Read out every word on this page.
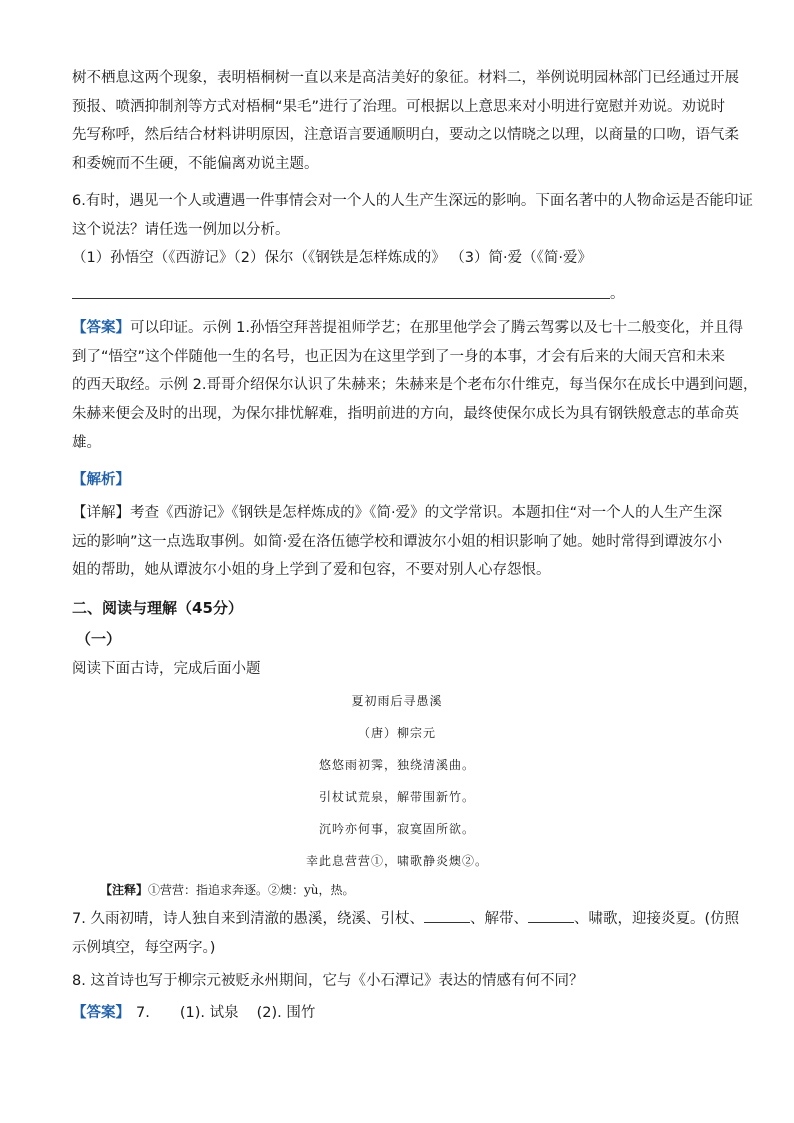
树不栖息这两个现象，表明梧桐树一直以来是高洁美好的象征。材料二，举例说明园林部门已经通过开展
预报、喷洒抑制剂等方式对梧桐“果毛”进行了治理。可根据以上意思来对小明进行宽慰并劝说。劝说时
先写称呼，然后结合材料讲明原因，注意语言要通顺明白，要动之以情晓之以理，以商量的口吻，语气柔
和委婉而不生硬，不能偏离劝说主题。
6.有时，遇见一个人或遭遇一件事情会对一个人的人生产生深远的影响。下面名著中的人物命运是否能印证
这个说法？请任选一例加以分析。
（1）孙悟空（《西游记》（2）保尔（《钢铁是怎样炼成的》 （3）简·爱（《简·爱》
。
【答案】可以印证。示例 1.孙悟空拜菩提祖师学艺；在那里他学会了腾云驾雾以及七十二般变化，并且得
到了“悟空”这个伴随他一生的名号，也正因为在这里学到了一身的本事，才会有后来的大闹天宫和未来
的西天取经。示例 2.哥哥介绍保尔认识了朱赫来；朱赫来是个老布尔什维克，每当保尔在成长中遇到问题，
朱赫来便会及时的出现，为保尔排忧解难，指明前进的方向，最终使保尔成长为具有钢铁般意志的革命英
雄。
【解析】
【详解】考查《西游记》《钢铁是怎样炼成的》《简·爱》的文学常识。本题扣住“对一个人的人生产生深
远的影响”这一点选取事例。如简·爱在洛伍德学校和谭波尔小姐的相识影响了她。她时常得到谭波尔小
姐的帮助，她从谭波尔小姐的身上学到了爱和包容，不要对别人心存怨恨。
二、阅读与理解（45分）
（一）
阅读下面古诗，完成后面小题
夏初雨后寻愚溪
（唐）柳宗元
悠悠雨初霁，独绕清溪曲。
引杖试荒泉，解带围新竹。
沉吟亦何事，寂寞固所欲。
幸此息营营①，啸歌静炎燠②。
【注释】①营营：指追求奔逐。②燠：yù，热。
7. 久雨初晴，诗人独自来到清澈的愚溪，绕溪、引杖、	、解带、	、啸歌，迎接炎夏。(仿照
示例填空，每空两字。)
8. 这首诗也写于柳宗元被贬永州期间，它与《小石潭记》表达的情感有何不同？
【答案】 7. (1). 试泉 (2). 围竹
